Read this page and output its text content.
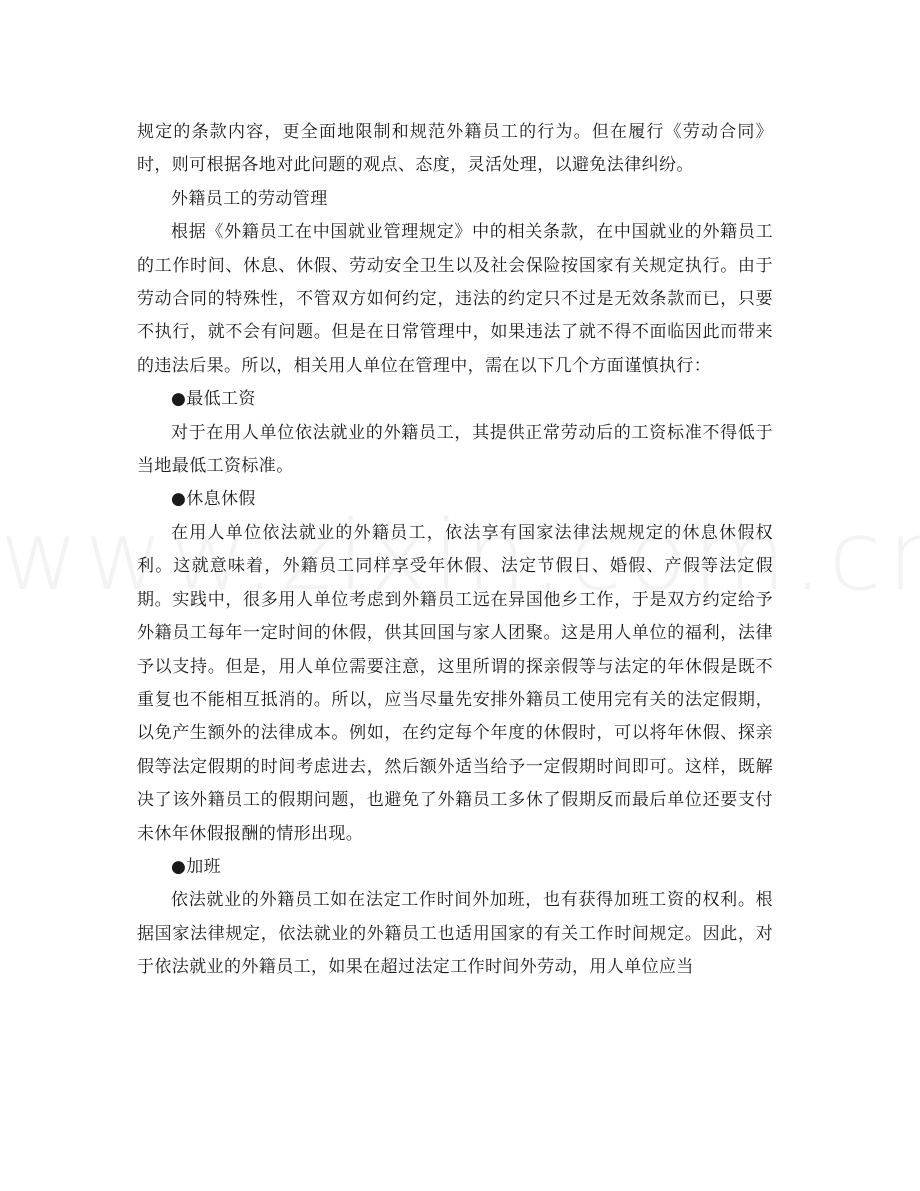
规定的条款内容，更全面地限制和规范外籍员工的行为。但在履行《劳动合同》时，则可根据各地对此问题的观点、态度，灵活处理，以避免法律纠纷。

外籍员工的劳动管理

根据《外籍员工在中国就业管理规定》中的相关条款，在中国就业的外籍员工的工作时间、休息、休假、劳动安全卫生以及社会保险按国家有关规定执行。由于劳动合同的特殊性，不管双方如何约定，违法的约定只不过是无效条款而已，只要不执行，就不会有问题。但是在日常管理中，如果违法了就不得不面临因此而带来的违法后果。所以，相关用人单位在管理中，需在以下几个方面谨慎执行：

●最低工资

对于在用人单位依法就业的外籍员工，其提供正常劳动后的工资标准不得低于当地最低工资标准。

●休息休假

在用人单位依法就业的外籍员工，依法享有国家法律法规规定的休息休假权利。这就意味着，外籍员工同样享受年休假、法定节假日、婚假、产假等法定假期。实践中，很多用人单位考虑到外籍员工远在异国他乡工作，于是双方约定给予外籍员工每年一定时间的休假，供其回国与家人团聚。这是用人单位的福利，法律予以支持。但是，用人单位需要注意，这里所谓的探亲假等与法定的年休假是既不重复也不能相互抵消的。所以，应当尽量先安排外籍员工使用完有关的法定假期，以免产生额外的法律成本。例如，在约定每个年度的休假时，可以将年休假、探亲假等法定假期的时间考虑进去，然后额外适当给予一定假期时间即可。这样，既解决了该外籍员工的假期问题，也避免了外籍员工多休了假期反而最后单位还要支付未休年休假报酬的情形出现。

●加班

依法就业的外籍员工如在法定工作时间外加班，也有获得加班工资的权利。根据国家法律规定，依法就业的外籍员工也适用国家的有关工作时间规定。因此，对于依法就业的外籍员工，如果在超过法定工作时间外劳动，用人单位应当
